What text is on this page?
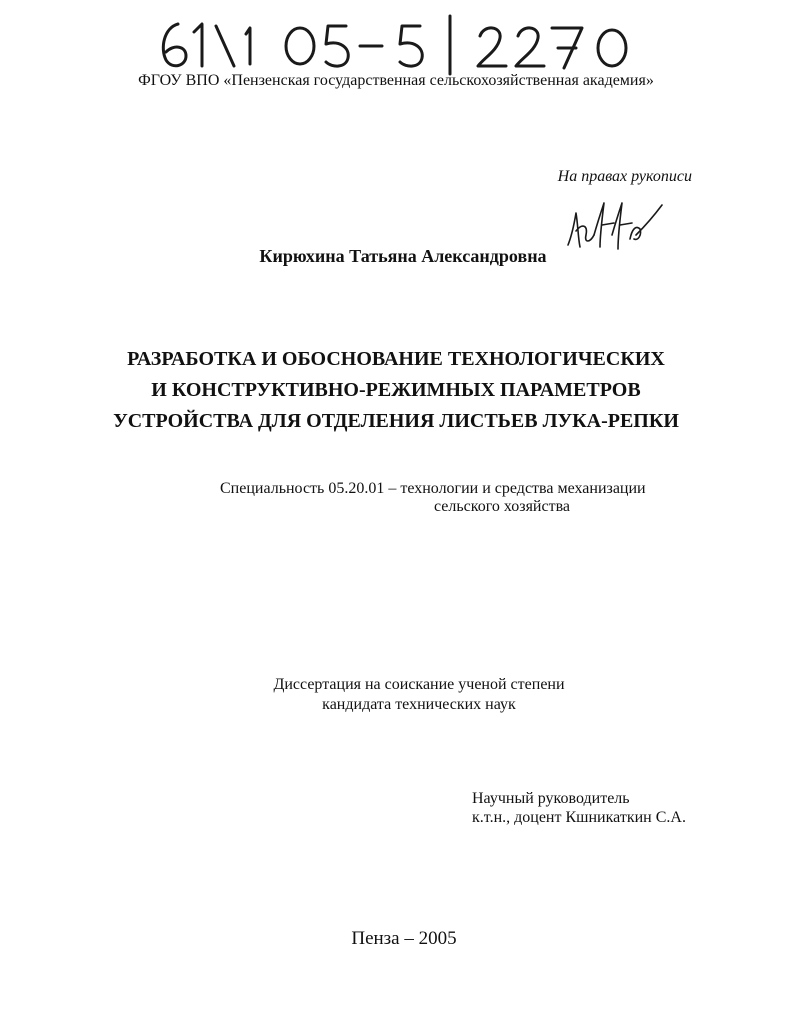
ФГОУ ВПО «Пензенская государственная сельскохозяйственная академия»

На правах рукописи

Кирюхина Татьяна Александровна

РАЗРАБОТКА И ОБОСНОВАНИЕ ТЕХНОЛОГИЧЕСКИХ
И КОНСТРУКТИВНО-РЕЖИМНЫХ ПАРАМЕТРОВ
УСТРОЙСТВА ДЛЯ ОТДЕЛЕНИЯ ЛИСТЬЕВ ЛУКА-РЕПКИ

Специальность 05.20.01 – технологии и средства механизации

сельского хозяйства

Диссертация на соискание ученой степени
кандидата технических наук

Научный руководитель

к.т.н., доцент Кшникаткин С.А.

Пенза – 2005
